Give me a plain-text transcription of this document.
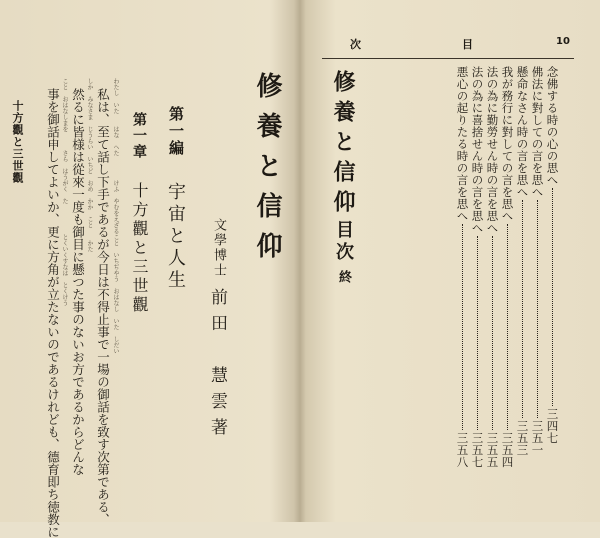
次	目	10
修養と信仰目次終
念佛する時の心の思へ三四七
佛法に對しての言を思へ三五一
懸命なさん時の言を思へ三五三
我が務行に對しての言を思へ三五四
法の為に勤勞せん時の言を思へ三五五
法の為に喜捨せん時の言を思へ三五七
悪心の起りたる時の言を思へ三五八
修養と信仰
文學博士
前田　慧雲著
第一編
宇宙と人生
第一章
十方觀と三世觀
わたし　いた　　はな　へた　　　　けふ　やむをえざること　いちぢやう　おはなし　いた　しだい
私は、至て話し下手であるが今日は不得止事で一場の御話を致す次第である、
しか　みなさま　じうらい　いちど　おめ　かか　こと　　かた
然るに皆様は從來一度も御目に懸つた事のないお方であるからどんな
こと　おはなしまを　　　さら　はうがく　た　　　　　とくいくすなは　とくけう
事を御話申してよいか、更に方角が立たないのであるけれども、德育即ち徳教に
十方觀と三世觀
